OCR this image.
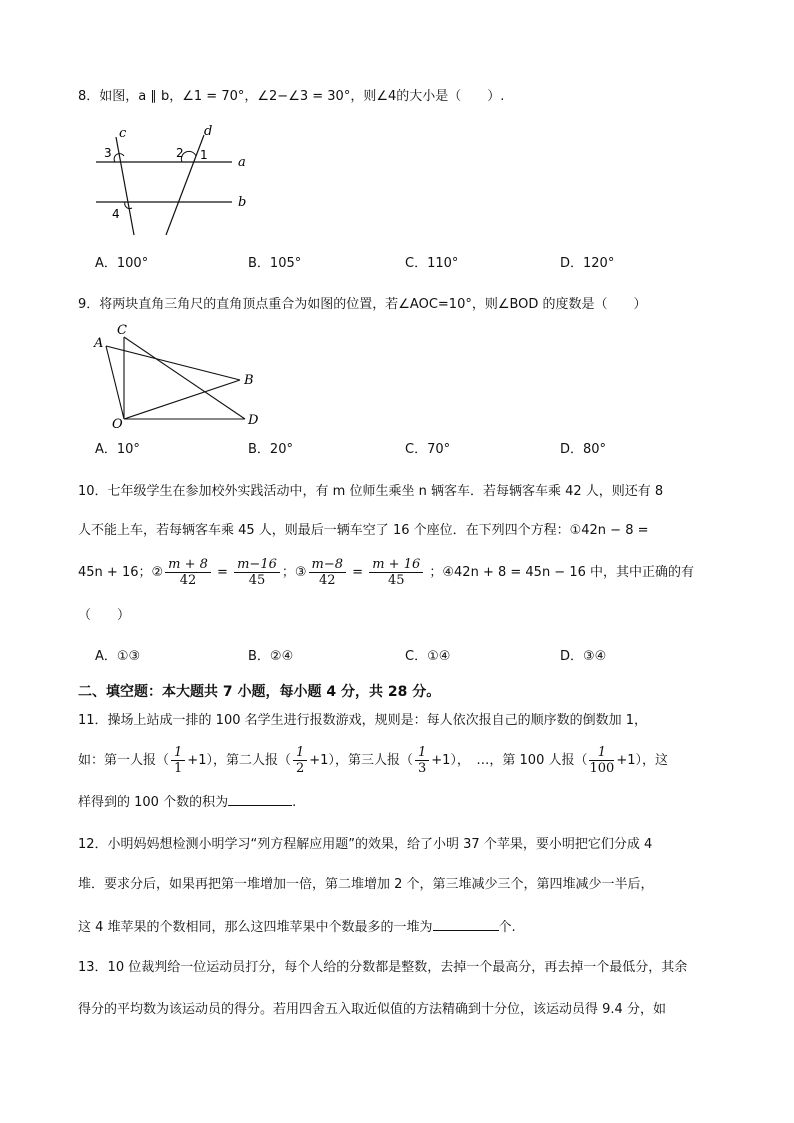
8．如图，a ∥ b，∠1 = 70°，∠2−∠3 = 30°，则∠4的大小是（　　）.
c	d
a
b
3	2 1
4
A．100°	B．105°	C．110°	D．120°
9．将两块直角三角尺的直角顶点重合为如图的位置，若∠AOC=10°，则∠BOD 的度数是（　　）
C
A
B
O	D
A．10°	B．20°	C．70°	D．80°
10．七年级学生在参加校外实践活动中，有 m 位师生乘坐 n 辆客车．若每辆客车乘 42 人，则还有 8
人不能上车，若每辆客车乘 45 人，则最后一辆车空了 16 个座位．在下列四个方程：①42n − 8 =
45n + 16；② $\frac{m + 8}{42} = \frac{m-16}{45}$ ；③ $\frac{m-8}{42} = \frac{m + 16}{45}$ ；④42n + 8 = 45n − 16 中，其中正确的有
（　　）
A．①③	B．②④	C．①④	D．③④
二、填空题：本大题共 7 小题，每小题 4 分，共 28 分。
11．操场上站成一排的 100 名学生进行报数游戏，规则是：每人依次报自己的顺序数的倒数加 1，
如：第一人报（ $\frac{1}{1} +1$），第二人报（ $\frac{1}{2} +1$），第三人报（ $\frac{1}{3} +1$），　…，第 100 人报（ $\frac{1}{100} +1$），这
样得到的 100 个数的积为	.
12．小明妈妈想检测小明学习“列方程解应用题”的效果，给了小明 37 个苹果，要小明把它们分成 4
堆．要求分后，如果再把第一堆增加一倍，第二堆增加 2 个，第三堆减少三个，第四堆减少一半后，
这 4 堆苹果的个数相同，那么这四堆苹果中个数最多的一堆为	个.
13．10 位裁判给一位运动员打分，每个人给的分数都是整数，去掉一个最高分，再去掉一个最低分，其余
得分的平均数为该运动员的得分。若用四舍五入取近似值的方法精确到十分位，该运动员得 9.4 分，如
